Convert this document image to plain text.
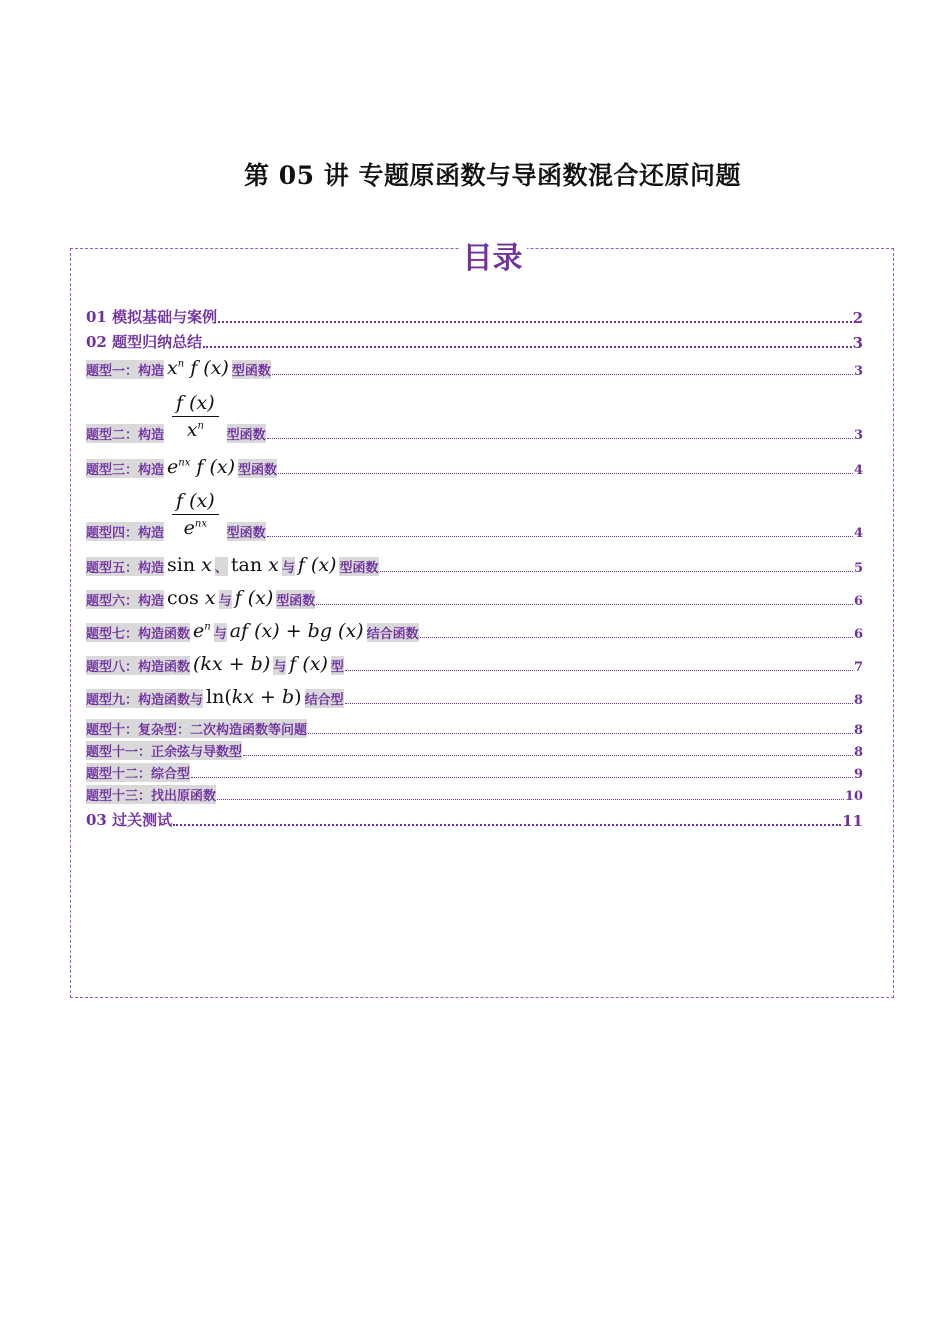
第 05 讲 专题原函数与导函数混合还原问题
目录
01 模拟基础与案例	2
02 题型归纳总结	3
题型一：构造 $x^n$ f (x) 型函数	3
题型二：构造 $\frac{f (x)}{x^n}$ 型函数	3
题型三：构造 $e^{nx}$ f (x) 型函数	4
题型四：构造 $\frac{f (x)}{e^{nx}}$ 型函数	4
题型五：构造 sin x 、 tan x 与 f (x) 型函数	5
题型六：构造 cos x 与 f (x) 型函数	6
题型七：构造函数 $e^n$ 与 af (x) + bg (x) 结合函数	6
题型八：构造函数 (kx + b) 与 f (x) 型	7
题型九：构造函数与 ln(kx + b) 结合型	8
题型十：复杂型：二次构造函数等问题	8
题型十一：正余弦与导数型	8
题型十二：综合型	9
题型十三：找出原函数	10
03 过关测试	11
